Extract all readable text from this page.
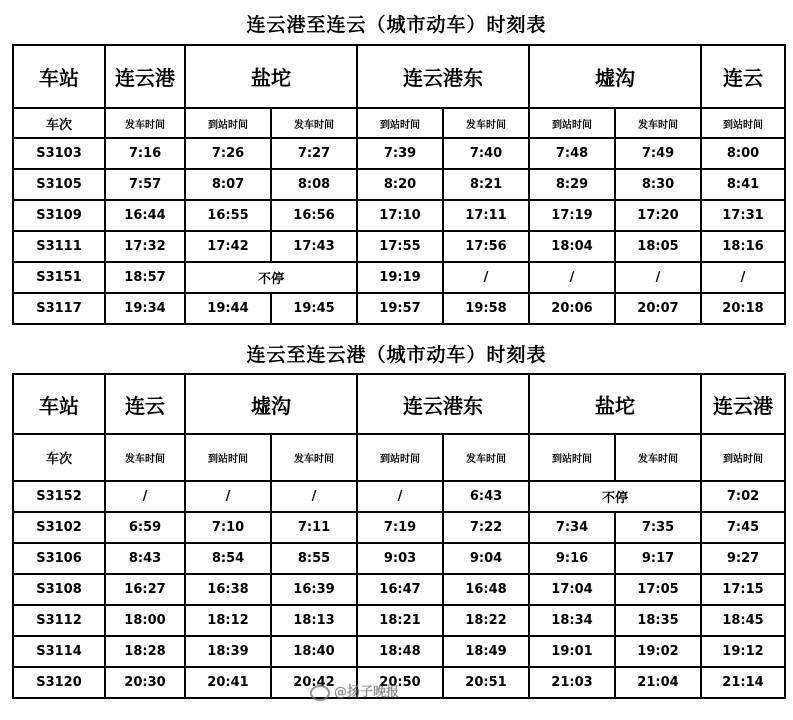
连云港至连云（城市动车）时刻表
车站	连云港	盐坨		连云港东		墟沟		连云
车次	发车时间	到站时间	发车时间	到站时间	发车时间	到站时间	发车时间	到站时间
S3103	7:16	7:26	7:27	7:39	7:40	7:48	7:49	8:00
S3105	7:57	8:07	8:08	8:20	8:21	8:29	8:30	8:41
S3109	16:44	16:55	16:56	17:10	17:11	17:19	17:20	17:31
S3111	17:32	17:42	17:43	17:55	17:56	18:04	18:05	18:16
S3151	18:57	不停		19:19	/	/	/	/
S3117	19:34	19:44	19:45	19:57	19:58	20:06	20:07	20:18
连云至连云港（城市动车）时刻表
车站	连云	墟沟		连云港东		盐坨		连云港
车次	发车时间	到站时间	发车时间	到站时间	发车时间	到站时间	发车时间	到站时间
S3152	/	/	/	/	6:43	不停		7:02
S3102	6:59	7:10	7:11	7:19	7:22	7:34	7:35	7:45
S3106	8:43	8:54	8:55	9:03	9:04	9:16	9:17	9:27
S3108	16:27	16:38	16:39	16:47	16:48	17:04	17:05	17:15
S3112	18:00	18:12	18:13	18:21	18:22	18:34	18:35	18:45
S3114	18:28	18:39	18:40	18:48	18:49	19:01	19:02	19:12
S3120	20:30	20:41	20:42	20:50	20:51	21:03	21:04	21:14
@扬子晚报
